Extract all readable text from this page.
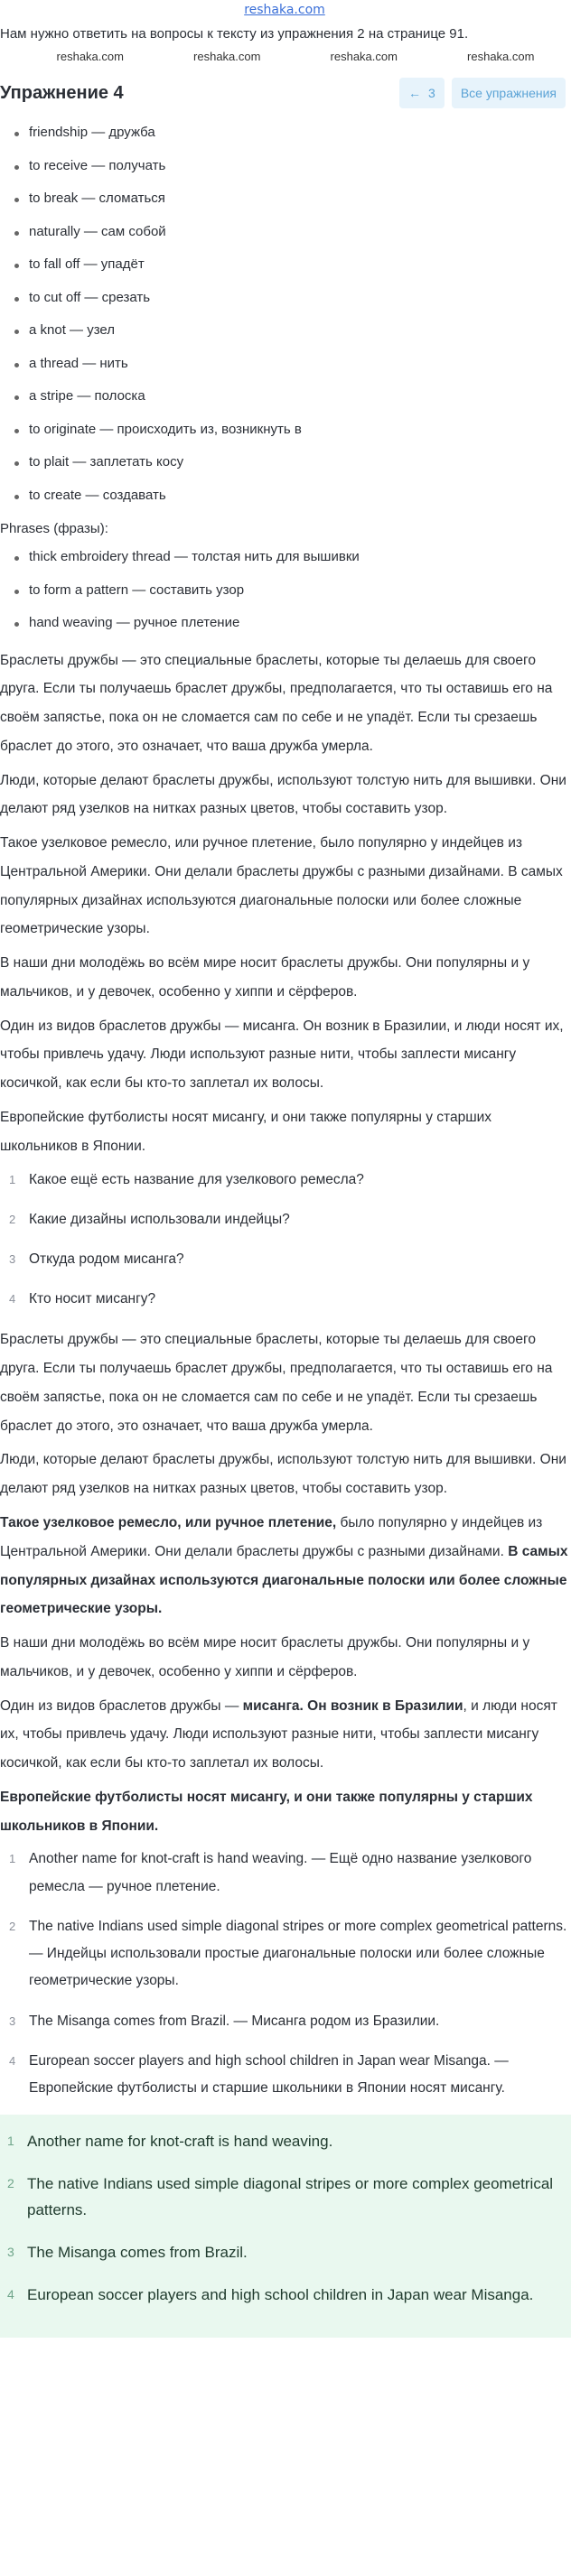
reshaka.com
Нам нужно ответить на вопросы к тексту из упражнения 2 на странице 91.
reshaka.com	reshaka.com	reshaka.com	reshaka.com
Упражнение 4	← 3	Все упражнения
friendship — дружба
to receive — получать
to break — сломаться
naturally — сам собой
to fall off — упадёт
to cut off — срезать
a knot — узел
a thread — нить
a stripe — полоска
to originate — происходить из, возникнуть в
to plait — заплетать косу
to create — создавать
Phrases (фразы):
thick embroidery thread — толстая нить для вышивки
to form a pattern — составить узор
hand weaving — ручное плетение

Браслеты дружбы — это специальные браслеты, которые ты делаешь для своего друга. Если ты получаешь браслет дружбы, предполагается, что ты оставишь его на своём запястье, пока он не сломается сам по себе и не упадёт. Если ты срезаешь браслет до этого, это означает, что ваша дружба умерла.

Люди, которые делают браслеты дружбы, используют толстую нить для вышивки. Они делают ряд узелков на нитках разных цветов, чтобы составить узор.

Такое узелковое ремесло, или ручное плетение, было популярно у индейцев из Центральной Америки. Они делали браслеты дружбы с разными дизайнами. В самых популярных дизайнах используются диагональные полоски или более сложные геометрические узоры.

В наши дни молодёжь во всём мире носит браслеты дружбы. Они популярны и у мальчиков, и у девочек, особенно у хиппи и сёрферов.

Один из видов браслетов дружбы — мисанга. Он возник в Бразилии, и люди носят их, чтобы привлечь удачу. Люди используют разные нити, чтобы заплести мисангу косичкой, как если бы кто-то заплетал их волосы.

Европейские футболисты носят мисангу, и они также популярны у старших школьников в Японии.

1 Какое ещё есть название для узелкового ремесла?
2 Какие дизайны использовали индейцы?
3 Откуда родом мисанга?
4 Кто носит мисангу?

Браслеты дружбы — это специальные браслеты, которые ты делаешь для своего друга. Если ты получаешь браслет дружбы, предполагается, что ты оставишь его на своём запястье, пока он не сломается сам по себе и не упадёт. Если ты срезаешь браслет до этого, это означает, что ваша дружба умерла.

Люди, которые делают браслеты дружбы, используют толстую нить для вышивки. Они делают ряд узелков на нитках разных цветов, чтобы составить узор.

Такое узелковое ремесло, или ручное плетение, было популярно у индейцев из Центральной Америки. Они делали браслеты дружбы с разными дизайнами. В самых популярных дизайнах используются диагональные полоски или более сложные геометрические узоры.

В наши дни молодёжь во всём мире носит браслеты дружбы. Они популярны и у мальчиков, и у девочек, особенно у хиппи и сёрферов.

Один из видов браслетов дружбы — мисанга. Он возник в Бразилии, и люди носят их, чтобы привлечь удачу. Люди используют разные нити, чтобы заплести мисангу косичкой, как если бы кто-то заплетал их волосы.

Европейские футболисты носят мисангу, и они также популярны у старших школьников в Японии.

1 Another name for knot-craft is hand weaving. — Ещё одно название узелкового ремесла — ручное плетение.
2 The native Indians used simple diagonal stripes or more complex geometrical patterns. — Индейцы использовали простые диагональные полоски или более сложные геометрические узоры.
3 The Misanga comes from Brazil. — Мисанга родом из Бразилии.
4 European soccer players and high school children in Japan wear Misanga. — Европейские футболисты и старшие школьники в Японии носят мисангу.
1 Another name for knot-craft is hand weaving.
2 The native Indians used simple diagonal stripes or more complex geometrical patterns.
3 The Misanga comes from Brazil.
4 European soccer players and high school children in Japan wear Misanga.
